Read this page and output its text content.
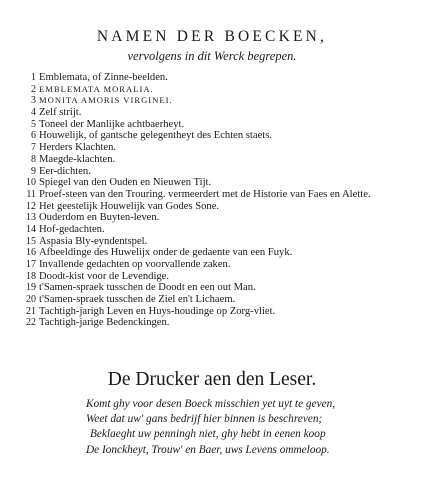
NAMEN DER BOECKEN,
vervolgens in dit Werck begrepen.
1 Emblemata, of Zinne-beelden.
2 EMBLEMATA MORALIA.
3 MONITA AMORIS VIRGINEI.
4 Zelf strijt.
5 Toneel der Manlijke achtbaerheyt.
6 Houwelijk, of gantsche gelegentheyt des Echten staets.
7 Herders Klachten.
8 Maegde-klachten.
9 Eer-dichten.
10 Spiegel van den Ouden en Nieuwen Tijt.
11 Proef-steen van den Trouring. vermeerdert met de Historie van Faes en Alette.
12 Het geestelijk Houwelijk van Godes Sone.
13 Ouderdom en Buyten-leven.
14 Hof-gedachten.
15 Aspasia Bly-eyndentspel.
16 Afbeeldinge des Huwelijx onder de gedaente van een Fuyk.
17 Invallende gedachten op voorvallende zaken.
18 Doodt-kist voor de Levendige.
19 t'Samen-spraek tusschen de Doodt en een out Man.
20 t'Samen-spraek tusschen de Ziel en't Lichaem.
21 Tachtigh-jarigh Leven en Huys-houdinge op Zorg-vliet.
22 Tachtigh-jarige Bedenckingen.
De Drucker aen den Leser.
Komt ghy voor desen Boeck misschien yet uyt te geven,
Weet dat uw' gans bedrijf hier binnen is beschreven;
Beklaeght uw penningh niet, ghy hebt in eenen koop
De Ionckheyt, Trouw' en Baer, uws Levens ommeloop.
